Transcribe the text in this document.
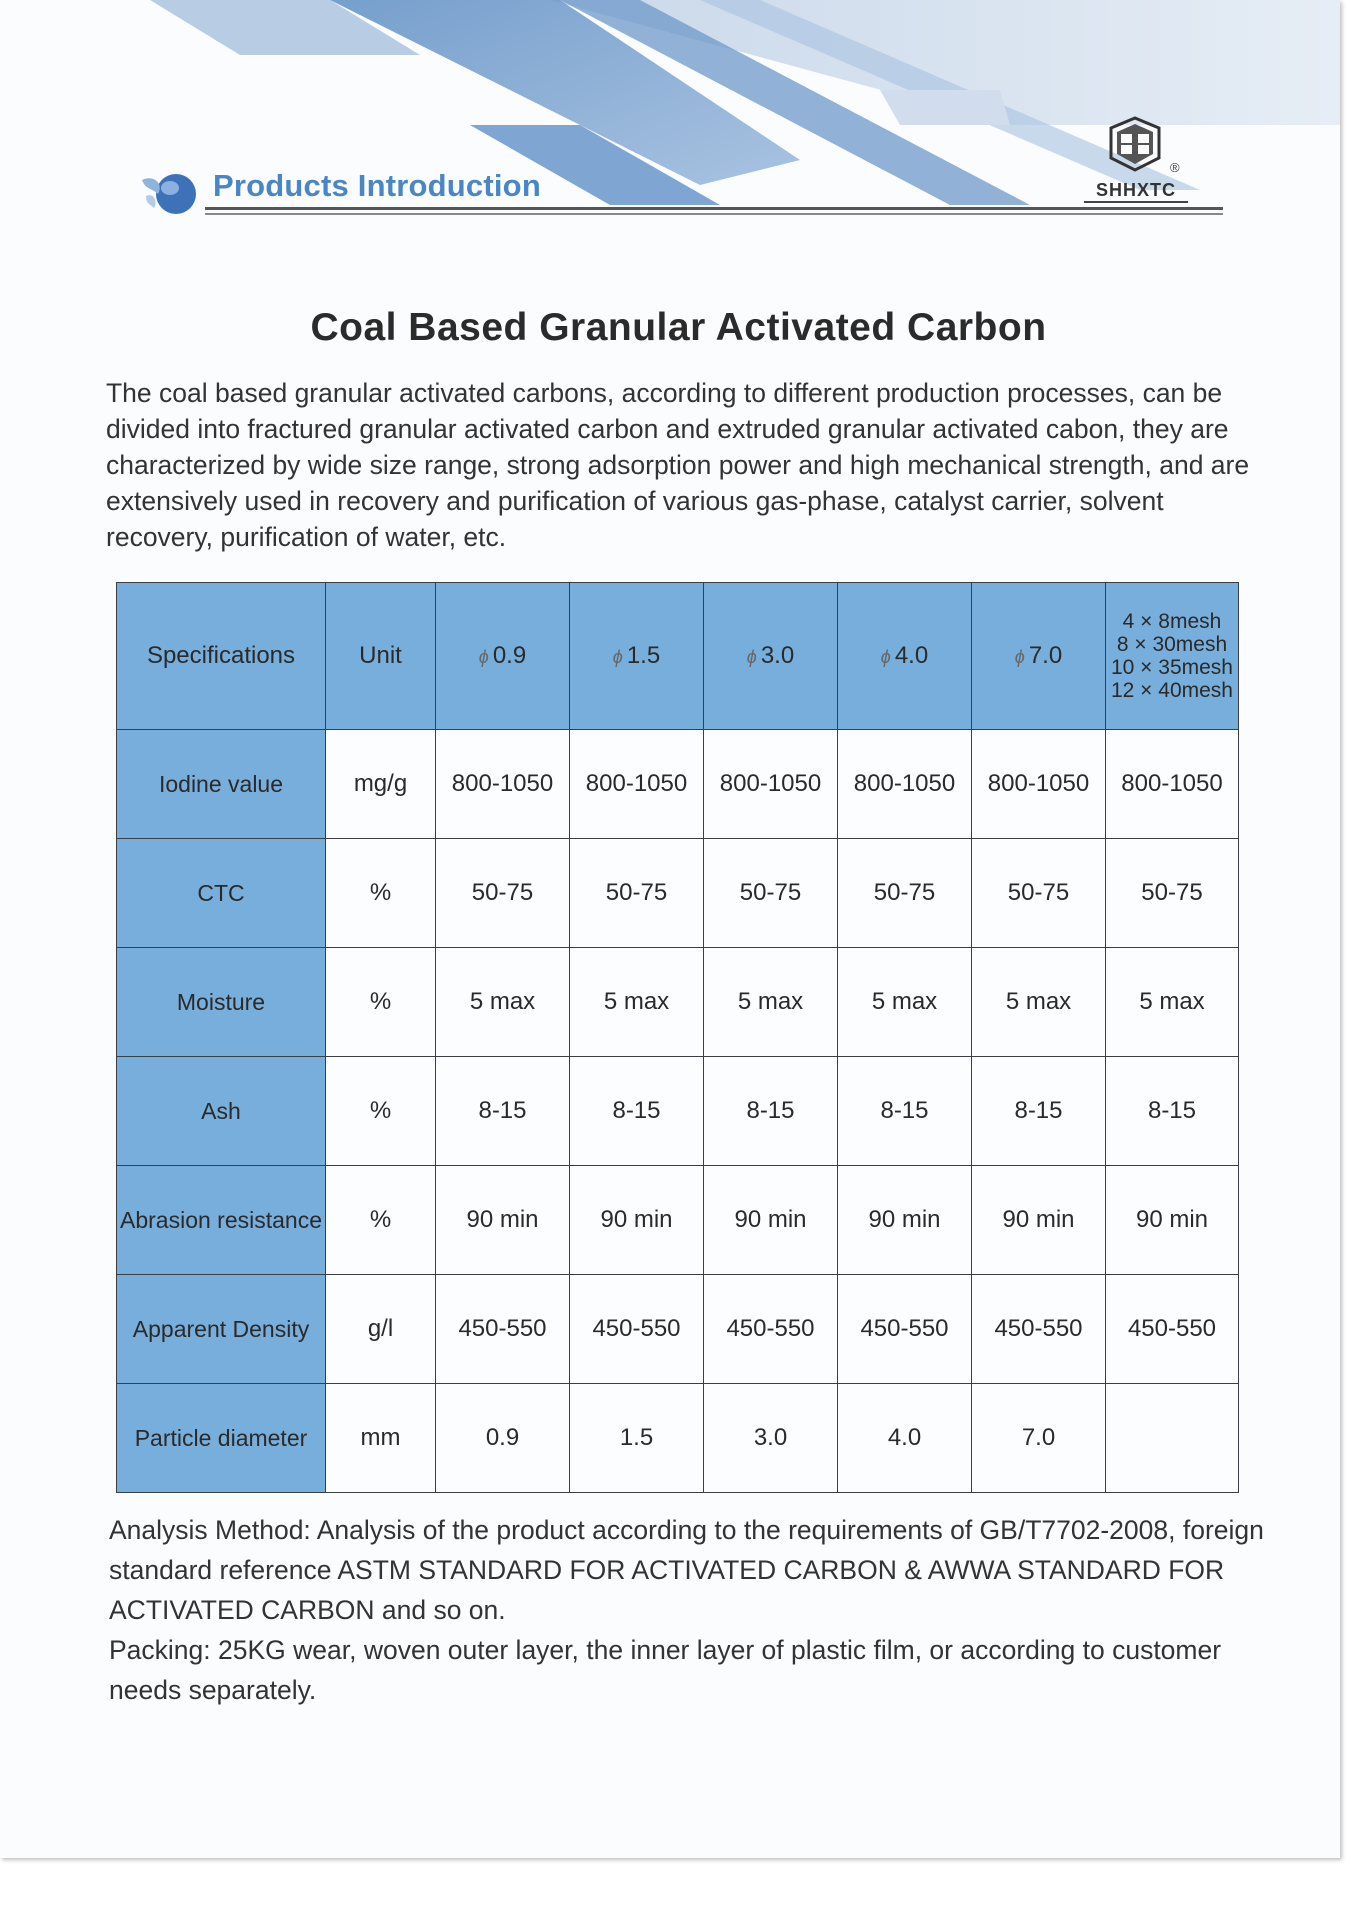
Products Introduction
®
SHHXTC
Coal Based Granular Activated Carbon
The coal based granular activated carbons, according to different production processes, can be divided into fractured granular activated carbon and extruded granular activated cabon, they are characterized by wide size range, strong adsorption power and high mechanical strength, and are extensively used in recovery and purification of various gas-phase, catalyst carrier, solvent recovery, purification of water, etc.
Specifications	Unit	ɸ 0.9	ɸ 1.5	ɸ 3.0	ɸ 4.0	ɸ 7.0	4 × 8mesh
8 × 30mesh
10 × 35mesh
12 × 40mesh

Iodine value	mg/g	800-1050	800-1050	800-1050	800-1050	800-1050	800-1050
CTC	%	50-75	50-75	50-75	50-75	50-75	50-75
Moisture	%	5 max	5 max	5 max	5 max	5 max	5 max
Ash	%	8-15	8-15	8-15	8-15	8-15	8-15
Abrasion resistance	%	90 min	90 min	90 min	90 min	90 min	90 min
Apparent Density	g/l	450-550	450-550	450-550	450-550	450-550	450-550
Particle diameter	mm	0.9	1.5	3.0	4.0	7.0	

Analysis Method: Analysis of the product according to the requirements of GB/T7702-2008, foreign standard reference ASTM STANDARD FOR ACTIVATED CARBON & AWWA STANDARD FOR ACTIVATED CARBON and so on.

Packing: 25KG wear, woven outer layer, the inner layer of plastic film, or according to customer needs separately.
